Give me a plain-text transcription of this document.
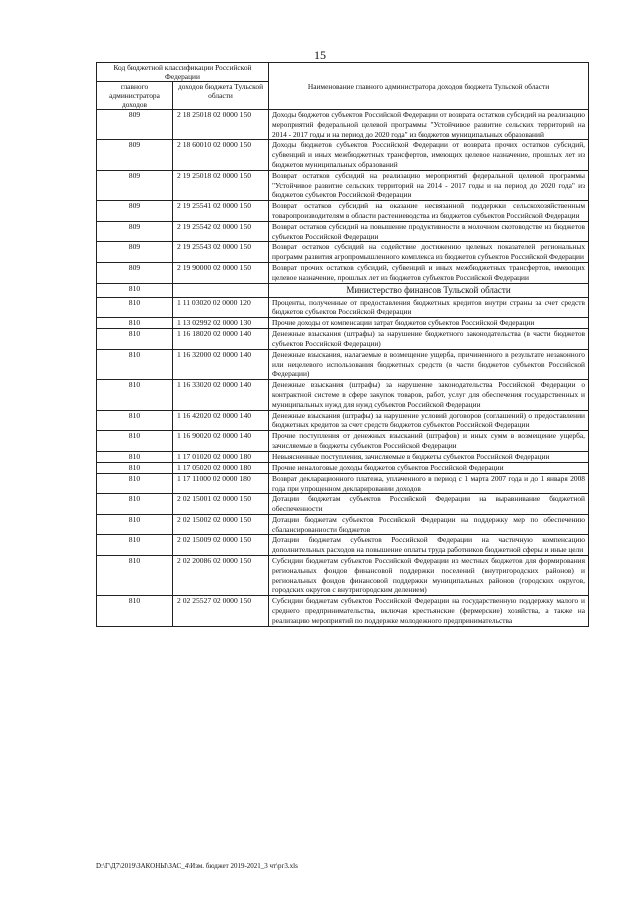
15
Код бюджетной классификации Российской Федерации		Наименование главного администратора доходов бюджета Тульской области
главного администратора доходов	доходов бюджета Тульской области	
809	2 18 25018 02 0000 150	Доходы бюджетов субъектов Российской Федерации от возврата остатков субсидий на реализацию мероприятий федеральной целевой программы "Устойчивое развитие сельских территорий на 2014 - 2017 годы и на период до 2020 года" из бюджетов муниципальных образований
809	2 18 60010 02 0000 150	Доходы бюджетов субъектов Российской Федерации от возврата прочих остатков субсидий, субвенций и иных межбюджетных трансфертов, имеющих целевое назначение, прошлых лет из бюджетов муниципальных образований
809	2 19 25018 02 0000 150	Возврат остатков субсидий на реализацию мероприятий федеральной целевой программы "Устойчивое развитие сельских территорий на 2014 - 2017 годы и на период до 2020 года" из бюджетов субъектов Российской Федерации
809	2 19 25541 02 0000 150	Возврат остатков субсидий на оказание несвязанной поддержки сельскохозяйственным товаропроизводителям в области растениеводства из бюджетов субъектов Российской Федерации
809	2 19 25542 02 0000 150	Возврат остатков субсидий на повышение продуктивности в молочном скотоводстве из бюджетов субъектов Российской Федерации
809	2 19 25543 02 0000 150	Возврат остатков субсидий на содействие достижению целевых показателей региональных программ развития агропромышленного комплекса из бюджетов субъектов Российской Федерации
809	2 19 90000 02 0000 150	Возврат прочих остатков субсидий, субвенций и иных межбюджетных трансфертов, имеющих целевое назначение, прошлых лет из бюджетов субъектов Российской Федерации
810		Министерство финансов Тульской области
810	1 11 03020 02 0000 120	Проценты, полученные от предоставления бюджетных кредитов внутри страны за счет средств бюджетов субъектов Российской Федерации
810	1 13 02992 02 0000 130	Прочие доходы от компенсации затрат бюджетов субъектов Российской Федерации
810	1 16 18020 02 0000 140	Денежные взыскания (штрафы) за нарушение бюджетного законодательства (в части бюджетов субъектов Российской Федерации)
810	1 16 32000 02 0000 140	Денежные взыскания, налагаемые в возмещение ущерба, причиненного в результате незаконного или нецелевого использования бюджетных средств (в части бюджетов субъектов Российской Федерации)
810	1 16 33020 02 0000 140	Денежные взыскания (штрафы) за нарушение законодательства Российской Федерации о контрактной системе в сфере закупок товаров, работ, услуг для обеспечения государственных и муниципальных нужд для нужд субъектов Российской Федерации
810	1 16 42020 02 0000 140	Денежные взыскания (штрафы) за нарушение условий договоров (соглашений) о предоставлении бюджетных кредитов за счет средств бюджетов субъектов Российской Федерации
810	1 16 90020 02 0000 140	Прочие поступления от денежных взысканий (штрафов) и иных сумм в возмещение ущерба, зачисляемые в бюджеты субъектов Российской Федерации
810	1 17 01020 02 0000 180	Невыясненные поступления, зачисляемые в бюджеты субъектов Российской Федерации
810	1 17 05020 02 0000 180	Прочие неналоговые доходы бюджетов субъектов Российской Федерации
810	1 17 11000 02 0000 180	Возврат декларационного платежа, уплаченного в период с 1 марта 2007 года и до 1 января 2008 года при упрощенном декларировании доходов
810	2 02 15001 02 0000 150	Дотации бюджетам субъектов Российской Федерации на выравнивание бюджетной обеспеченности
810	2 02 15002 02 0000 150	Дотации бюджетам субъектов Российской Федерации на поддержку мер по обеспечению сбалансированности бюджетов
810	2 02 15009 02 0000 150	Дотации бюджетам субъектов Российской Федерации на частичную компенсацию дополнительных расходов на повышение оплаты труда работников бюджетной сферы и иные цели
810	2 02 20086 02 0000 150	Субсидии бюджетам субъектов Российской Федерации из местных бюджетов для формирования региональных фондов финансовой поддержки поселений (внутригородских районов) и региональных фондов финансовой поддержки муниципальных районов (городских округов, городских округов с внутригородским делением)
810	2 02 25527 02 0000 150	Субсидии бюджетам субъектов Российской Федерации на государственную поддержку малого и среднего предпринимательства, включая крестьянские (фермерские) хозяйства, а также на реализацию мероприятий по поддержке молодежного предпринимательства
D:\Г\Д7\2019\ЗАКОНЫ\ЗАС_4\Изм. бюджет 2019-2021_3 чт\рг3.xls
